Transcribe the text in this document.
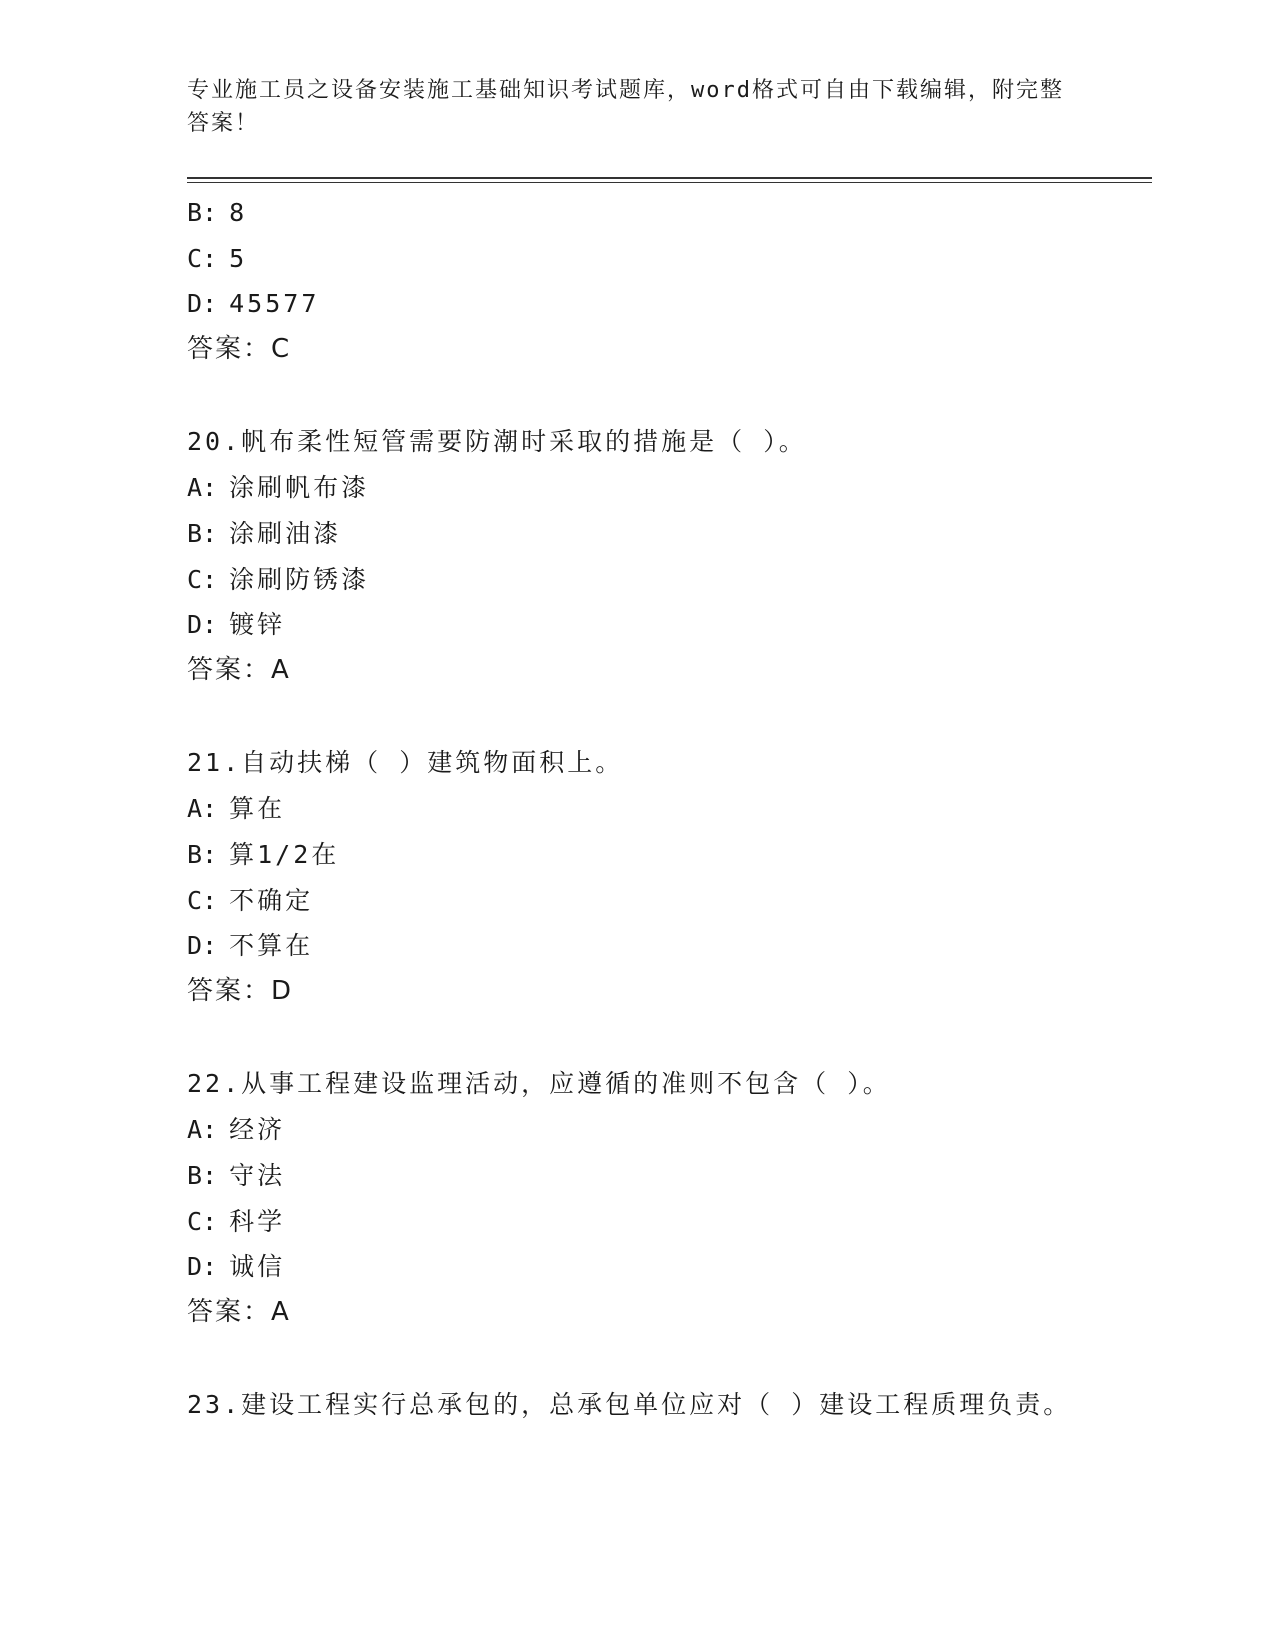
专业施工员之设备安装施工基础知识考试题库，word格式可自由下载编辑，附完整答案！
B: 8
C: 5
D: 45577
答案：C
20.帆布柔性短管需要防潮时采取的措施是（ ）。
A: 涂刷帆布漆
B: 涂刷油漆
C: 涂刷防锈漆
D: 镀锌
答案：A
21.自动扶梯（ ）建筑物面积上。
A: 算在
B: 算1/2在
C: 不确定
D: 不算在
答案：D
22.从事工程建设监理活动，应遵循的准则不包含（ ）。
A: 经济
B: 守法
C: 科学
D: 诚信
答案：A
23.建设工程实行总承包的，总承包单位应对（ ）建设工程质理负责。
